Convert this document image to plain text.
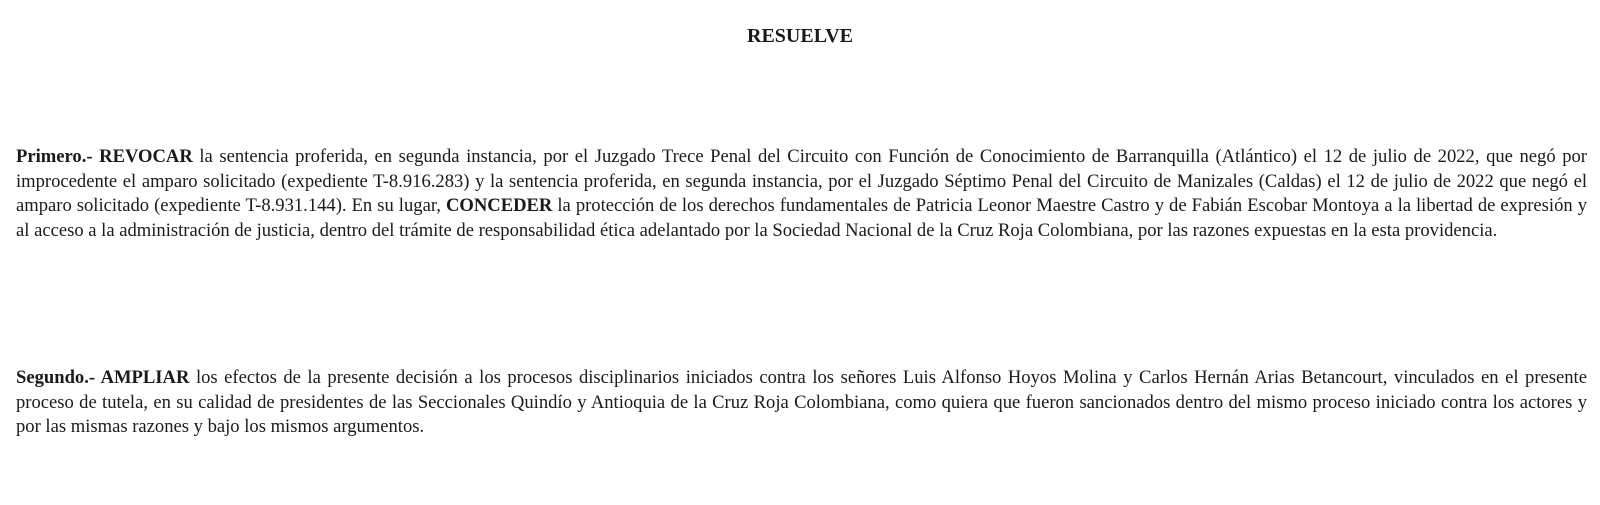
RESUELVE

Primero.- REVOCAR la sentencia proferida, en segunda instancia, por el Juzgado Trece Penal del Circuito con Función de Conocimiento de Barranquilla (Atlántico) el 12 de julio de 2022, que negó por improcedente el amparo solicitado (expediente T-8.916.283) y la sentencia proferida, en segunda instancia, por el Juzgado Séptimo Penal del Circuito de Manizales (Caldas) el 12 de julio de 2022 que negó el amparo solicitado (expediente T-8.931.144). En su lugar, CONCEDER la protección de los derechos fundamentales de Patricia Leonor Maestre Castro y de Fabián Escobar Montoya a la libertad de expresión y al acceso a la administración de justicia, dentro del trámite de responsabilidad ética adelantado por la Sociedad Nacional de la Cruz Roja Colombiana, por las razones expuestas en la esta providencia.

Segundo.- AMPLIAR los efectos de la presente decisión a los procesos disciplinarios iniciados contra los señores Luis Alfonso Hoyos Molina y Carlos Hernán Arias Betancourt, vinculados en el presente proceso de tutela, en su calidad de presidentes de las Seccionales Quindío y Antioquia de la Cruz Roja Colombiana, como quiera que fueron sancionados dentro del mismo proceso iniciado contra los actores y por las mismas razones y bajo los mismos argumentos.
